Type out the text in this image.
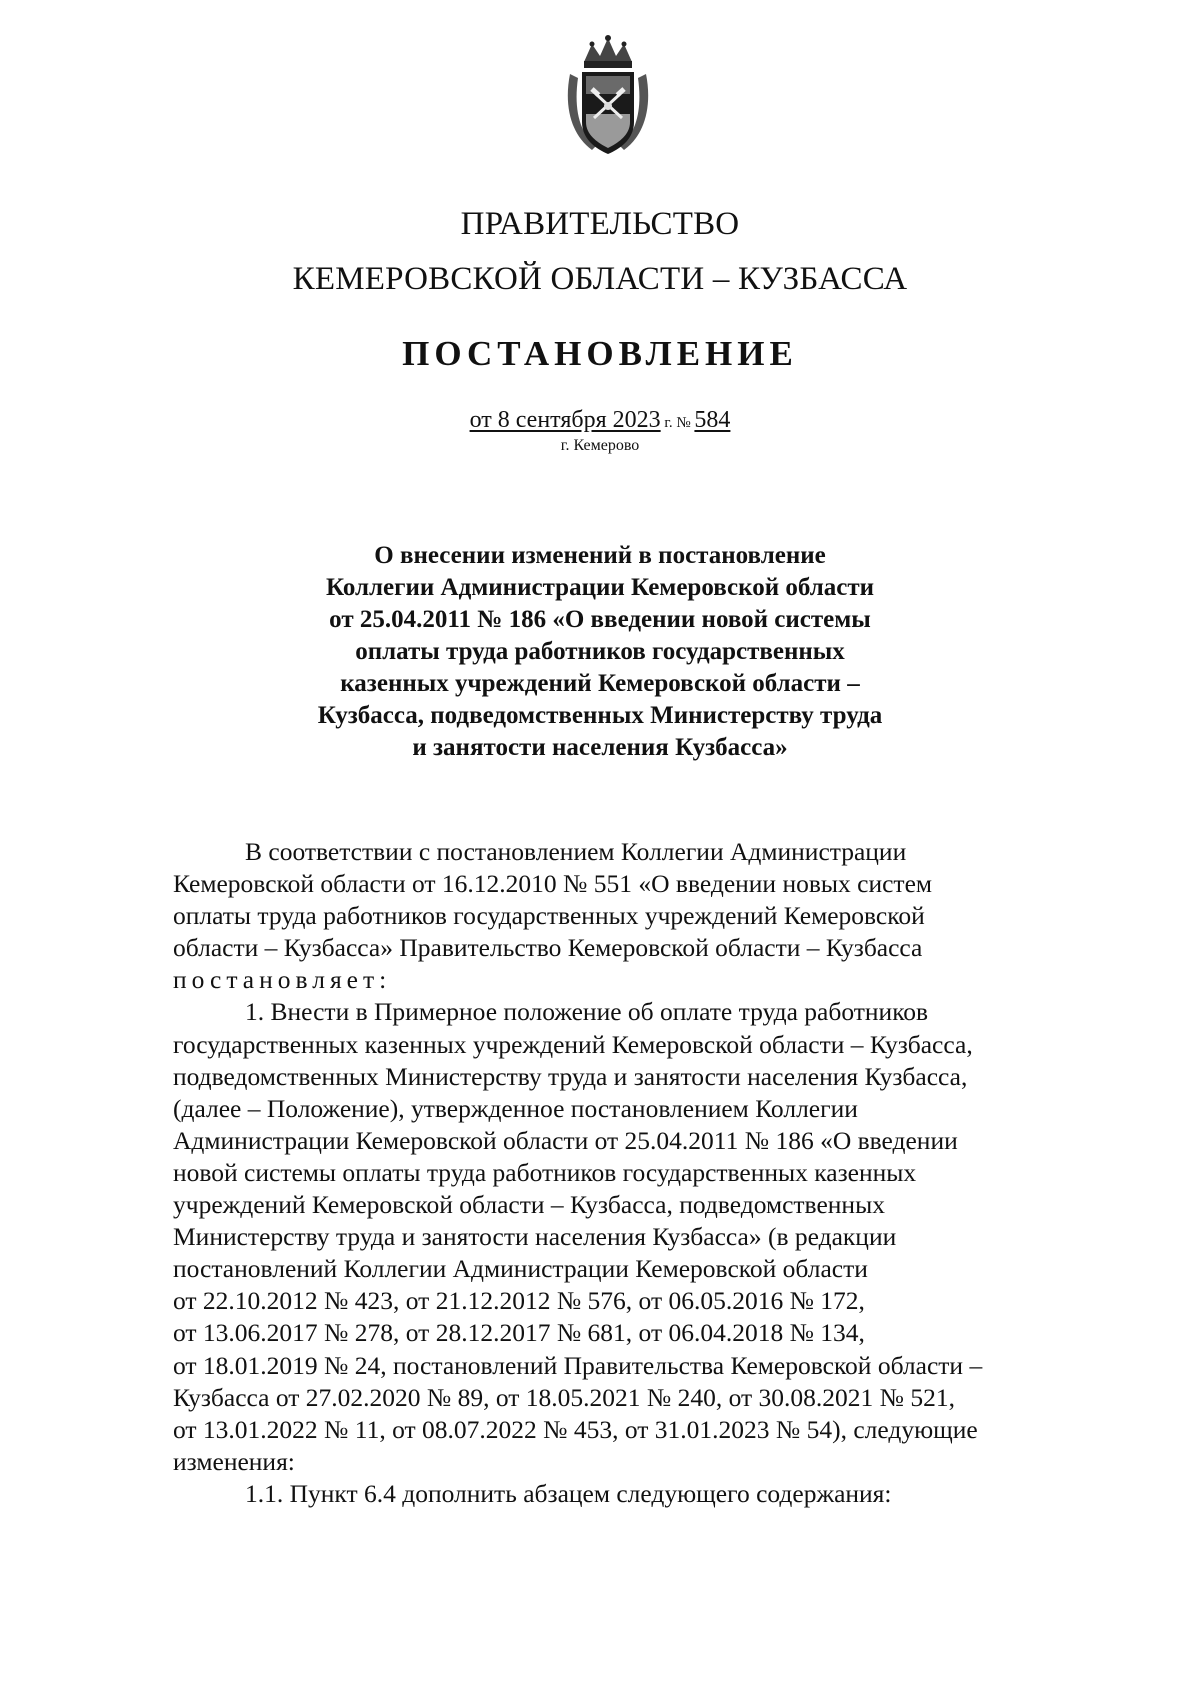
ПРАВИТЕЛЬСТВО
КЕМЕРОВСКОЙ ОБЛАСТИ – КУЗБАССА
ПОСТАНОВЛЕНИЕ
от 8 сентября 2023 г. № 584
г. Кемерово
О внесении изменений в постановление
Коллегии Администрации Кемеровской области
от 25.04.2011 № 186 «О введении новой системы
оплаты труда работников государственных
казенных учреждений Кемеровской области –
Кузбасса, подведомственных Министерству труда
и занятости населения Кузбасса»
В соответствии с постановлением Коллегии Администрации
Кемеровской области от 16.12.2010 № 551 «О введении новых систем
оплаты труда работников государственных учреждений Кемеровской
области – Кузбасса» Правительство Кемеровской области – Кузбасса
постановляет:
1. Внести в Примерное положение об оплате труда работников
государственных казенных учреждений Кемеровской области – Кузбасса,
подведомственных Министерству труда и занятости населения Кузбасса,
(далее – Положение), утвержденное постановлением Коллегии
Администрации Кемеровской области от 25.04.2011 № 186 «О введении
новой системы оплаты труда работников государственных казенных
учреждений Кемеровской области – Кузбасса, подведомственных
Министерству труда и занятости населения Кузбасса» (в редакции
постановлений Коллегии Администрации Кемеровской области
от 22.10.2012 № 423, от 21.12.2012 № 576, от 06.05.2016 № 172,
от 13.06.2017 № 278, от 28.12.2017 № 681, от 06.04.2018 № 134,
от 18.01.2019 № 24, постановлений Правительства Кемеровской области –
Кузбасса от 27.02.2020 № 89, от 18.05.2021 № 240, от 30.08.2021 № 521,
от 13.01.2022 № 11, от 08.07.2022 № 453, от 31.01.2023 № 54), следующие
изменения:
1.1. Пункт 6.4 дополнить абзацем следующего содержания:
